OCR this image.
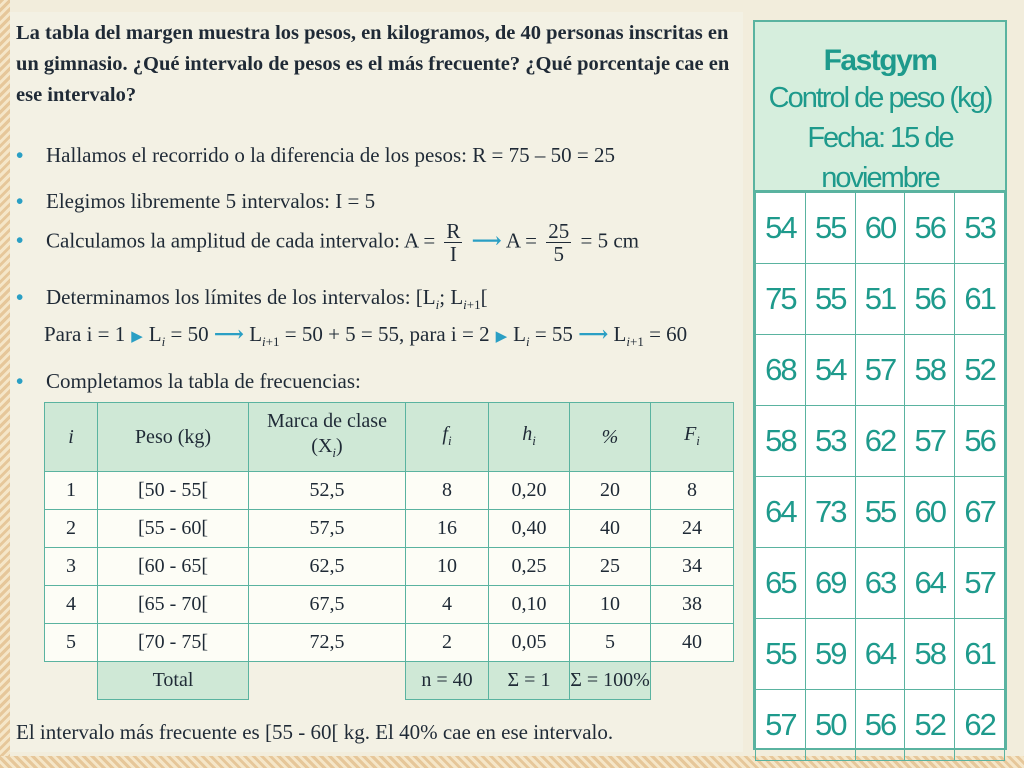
La tabla del margen muestra los pesos, en kilogramos, de 40 personas inscritas en un gimnasio. ¿Qué intervalo de pesos es el más frecuente? ¿Qué porcentaje cae en ese intervalo?
• Hallamos el recorrido o la diferencia de los pesos: R = 75 – 50 = 25
• Elegimos libremente 5 intervalos: I = 5
• Calculamos la amplitud de cada intervalo: $A = \frac{R}{I}$ ⟶ $A = \frac{25}{5} = 5$ cm
• Determinamos los límites de los intervalos: [$L_i$; $L_{i+1}$[
Para i = 1 ▶ $L_i = 50$ ⟶ $L_{i+1} = 50 + 5 = 55$, para i = 2 ▶ $L_i = 55$ ⟶ $L_{i+1} = 60$
• Completamos la tabla de frecuencias:
i	Peso (kg)	Marca de clase $(X_i)$	$f_i$	$h_i$	%	$F_i$
1	[50 - 55[	52,5	8	0,20	20	8
2	[55 - 60[	57,5	16	0,40	40	24
3	[60 - 65[	62,5	10	0,25	25	34
4	[65 - 70[	67,5	4	0,10	10	38
5	[70 - 75[	72,5	2	0,05	5	40
	Total		n = 40	Σ = 1	Σ = 100%	
El intervalo más frecuente es [55 - 60[ kg. El 40% cae en ese intervalo.
Fastgym
Control de peso (kg)
Fecha: 15 de noviembre
54	55	60	56	53
75	55	51	56	61
68	54	57	58	52
58	53	62	57	56
64	73	55	60	67
65	69	63	64	57
55	59	64	58	61
57	50	56	52	62
